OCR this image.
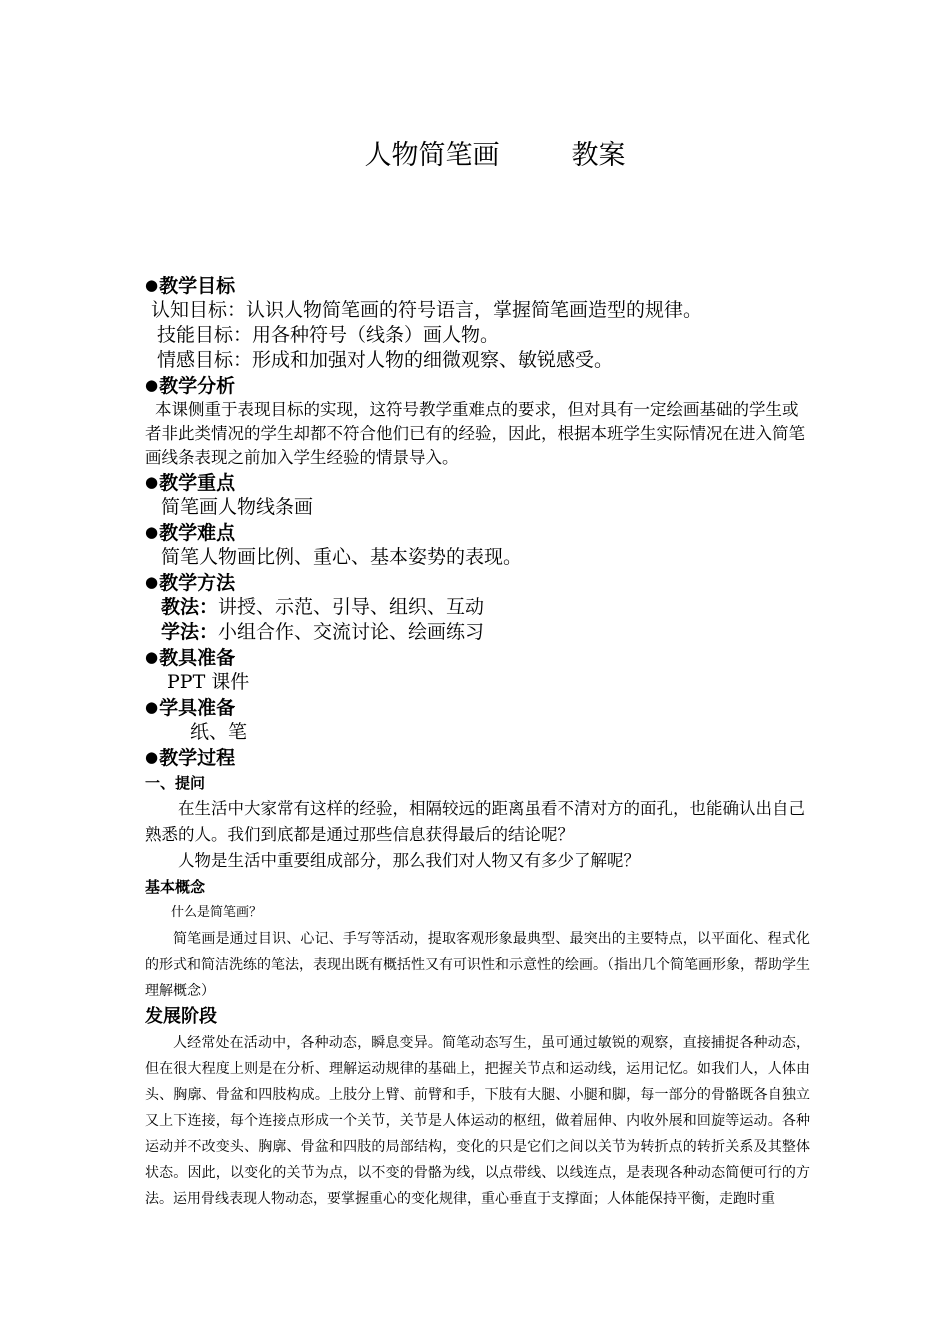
人物简笔画	教案
●教学目标
认知目标：认识人物简笔画的符号语言，掌握简笔画造型的规律。
技能目标：用各种符号（线条）画人物。
情感目标：形成和加强对人物的细微观察、敏锐感受。
●教学分析
本课侧重于表现目标的实现，这符号教学重难点的要求，但对具有一定绘画基础的学生或者非此类情况的学生却都不符合他们已有的经验，因此，根据本班学生实际情况在进入简笔画线条表现之前加入学生经验的情景导入。
●教学重点
简笔画人物线条画
●教学难点
简笔人物画比例、重心、基本姿势的表现。
●教学方法
教法：讲授、示范、引导、组织、互动
学法：小组合作、交流讨论、绘画练习
●教具准备
PPT 课件
●学具准备
纸、笔
●教学过程
一、提问
在生活中大家常有这样的经验，相隔较远的距离虽看不清对方的面孔，也能确认出自己熟悉的人。我们到底都是通过那些信息获得最后的结论呢？
人物是生活中重要组成部分，那么我们对人物又有多少了解呢？
基本概念
什么是简笔画？
简笔画是通过目识、心记、手写等活动，提取客观形象最典型、最突出的主要特点，以平面化、程式化的形式和简洁洗练的笔法，表现出既有概括性又有可识性和示意性的绘画。（指出几个简笔画形象，帮助学生理解概念）
发展阶段
人经常处在活动中，各种动态，瞬息变异。简笔动态写生，虽可通过敏锐的观察，直接捕捉各种动态，但在很大程度上则是在分析、理解运动规律的基础上，把握关节点和运动线，运用记忆。如我们人，人体由头、胸廓、骨盆和四肢构成。上肢分上臂、前臂和手，下肢有大腿、小腿和脚，每一部分的骨骼既各自独立又上下连接，每个连接点形成一个关节，关节是人体运动的枢纽，做着屈伸、内收外展和回旋等运动。各种运动并不改变头、胸廓、骨盆和四肢的局部结构，变化的只是它们之间以关节为转折点的转折关系及其整体状态。因此，以变化的关节为点，以不变的骨骼为线，以点带线、以线连点，是表现各种动态简便可行的方法。运用骨线表现人物动态，要掌握重心的变化规律，重心垂直于支撑面；人体能保持平衡，走跑时重
